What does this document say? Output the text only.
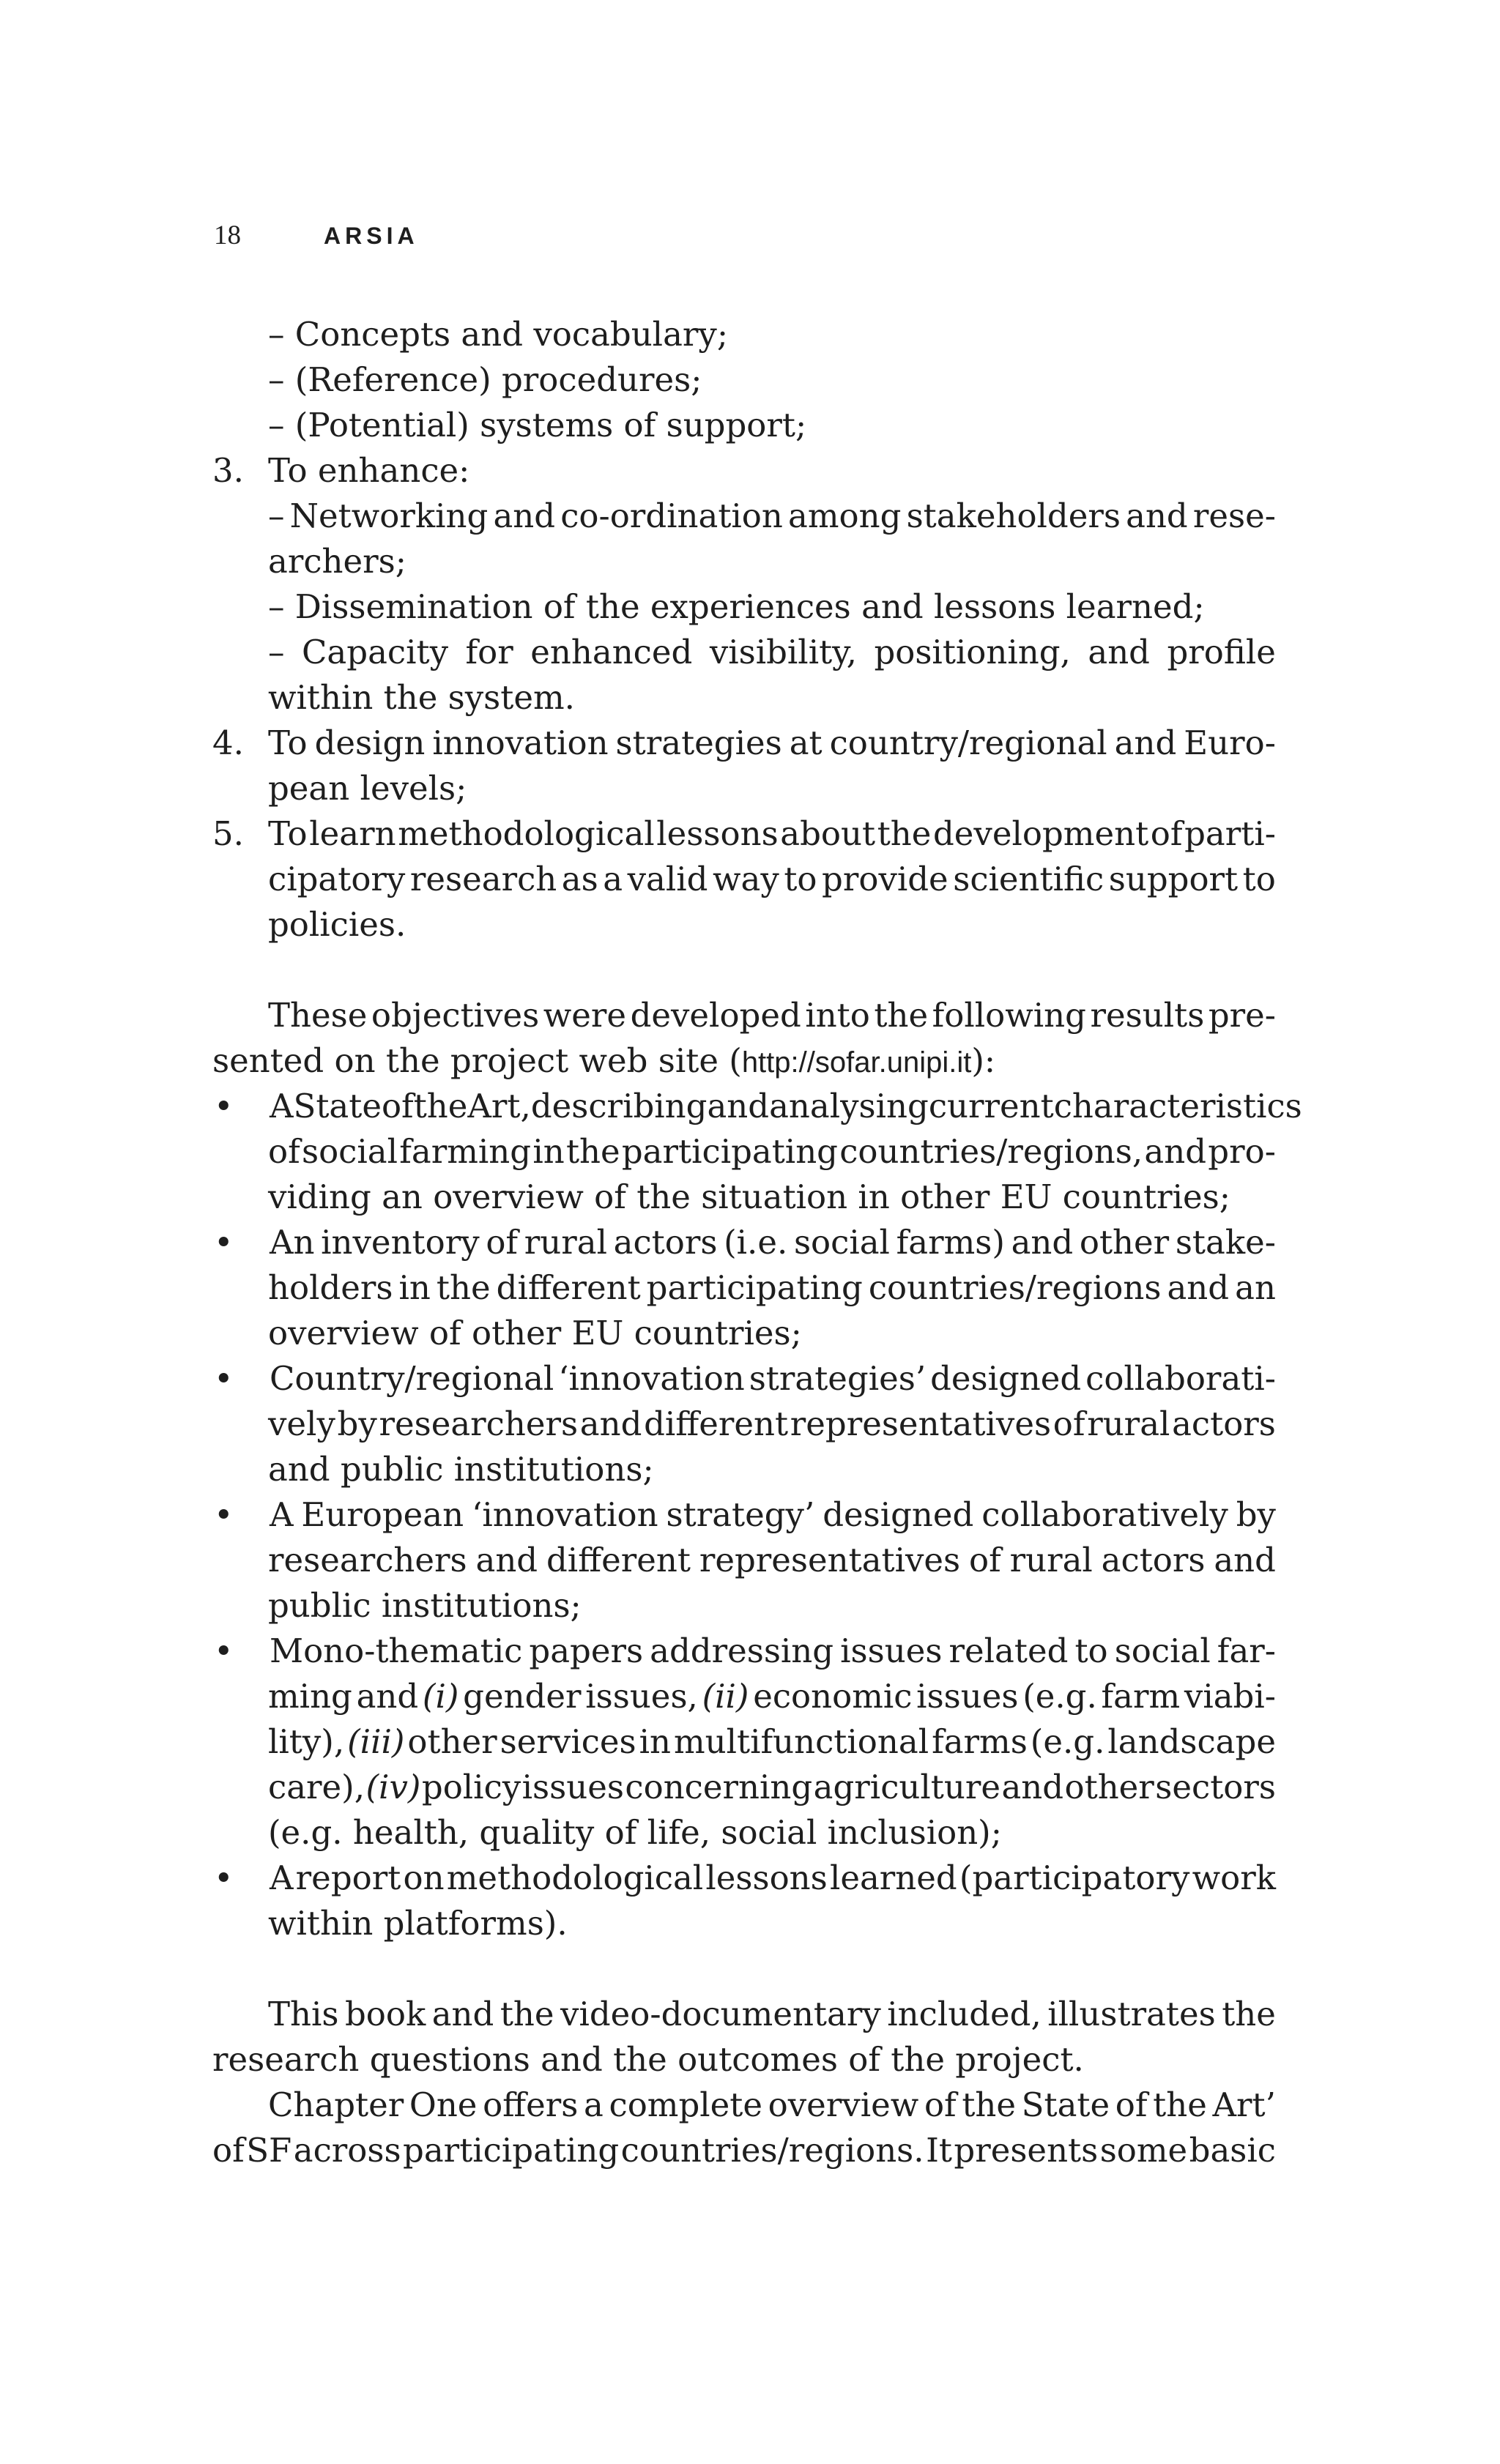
18	ARSIA
– Concepts and vocabulary;
– (Reference) procedures;
– (Potential) systems of support;
3. To enhance:
– Networking and co-ordination among stakeholders and rese-
archers;
– Dissemination of the experiences and lessons learned;
– Capacity for enhanced visibility, positioning, and profile
within the system.
4. To design innovation strategies at country/regional and Euro-
pean levels;
5. To learn methodological lessons about the development of parti-
cipatory research as a valid way to provide scientific support to
policies.
These objectives were developed into the following results pre-
sented on the project web site (http://sofar.unipi.it):
• A State of the Art, describing and analysing current characteristics
of social farming in the participating countries/regions, and pro-
viding an overview of the situation in other EU countries;
• An inventory of rural actors (i.e. social farms) and other stake-
holders in the different participating countries/regions and an
overview of other EU countries;
• Country/regional ‘innovation strategies’ designed collaborati-
vely by researchers and different representatives of rural actors
and public institutions;
• A European ‘innovation strategy’ designed collaboratively by
researchers and different representatives of rural actors and
public institutions;
• Mono-thematic papers addressing issues related to social far-
ming and (i) gender issues, (ii) economic issues (e.g. farm viabi-
lity), (iii) other services in multifunctional farms (e.g. landscape
care), (iv) policy issues concerning agriculture and other sectors
(e.g. health, quality of life, social inclusion);
• A report on methodological lessons learned (participatory work
within platforms).
This book and the video-documentary included, illustrates the
research questions and the outcomes of the project.
Chapter One offers a complete overview of the State of the Art’
of SF across participating countries/regions. It presents some basic
